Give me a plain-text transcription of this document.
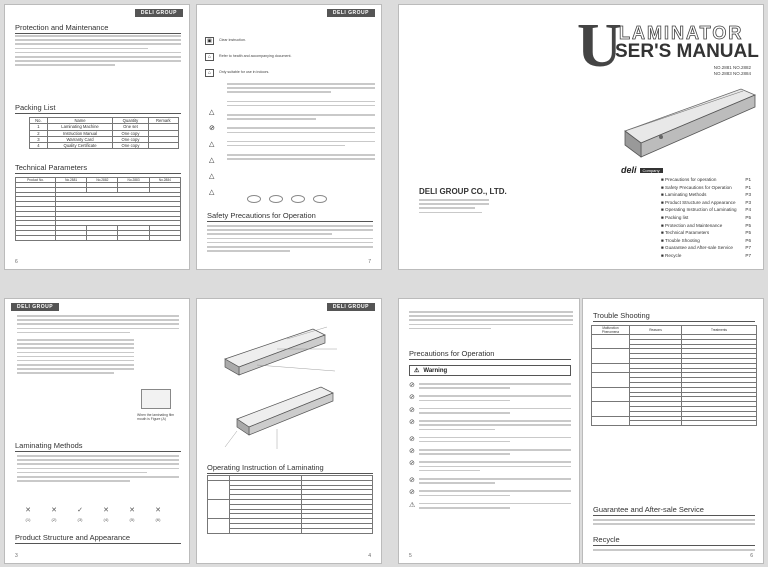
DELI GROUP
Protection and Maintenance
Packing List
No.	Name	Quantity	Remark
1	Laminating Machine	One set	
2	Instruction Manual	One copy	
3	Warranty Card	One copy	
4	Quality Certificate	One copy	
Technical Parameters
Product No.	No.2881	No.2882	No.2883	No.2884

6
DELI GROUP
▣	Clear instruction.
⌂	Refer to health and accompanying document.
⌂	Only suitable for use in indoors.
△
⊘
△
△
△
△
Safety Precautions for Operation
7
U
LAMINATOR
SER'S MANUAL
NO.2881 NO.2882
NO.2883 NO.2884
deli	Company
DELI GROUP CO., LTD.
■ Precautions for operation	P1
■ Safety Precautions for Operation	P1
■ Laminating Methods	P3
■ Product Structure and Appearance P3
■ Operating Instruction of Laminating P4
■ Packing list	P5
■ Protection and Maintenance	P5
■ Technical Parameters	P5
■ Trouble Shooting	P6
■ Guarantee and After-sale Service	P7
■ Recycle	P7
DELI GROUP
When the laminating film mouth is Figure (A)
Laminating Methods
✕	✕	✓	✕	✕	✕
(1)	(2)	(3)	(4)	(5)	(6)
Product Structure and Appearance
3
DELI GROUP
Operating Instruction of Laminating

4
Precautions for Operation
⚠ Warning
⊘
⊘
⊘
⊘
⊘
⊘
⊘
⊘
⊘
⚠
5
Trouble Shooting
Malfunction Phenomena	Reasons	Treatments

Guarantee and After-sale Service
Recycle
6
